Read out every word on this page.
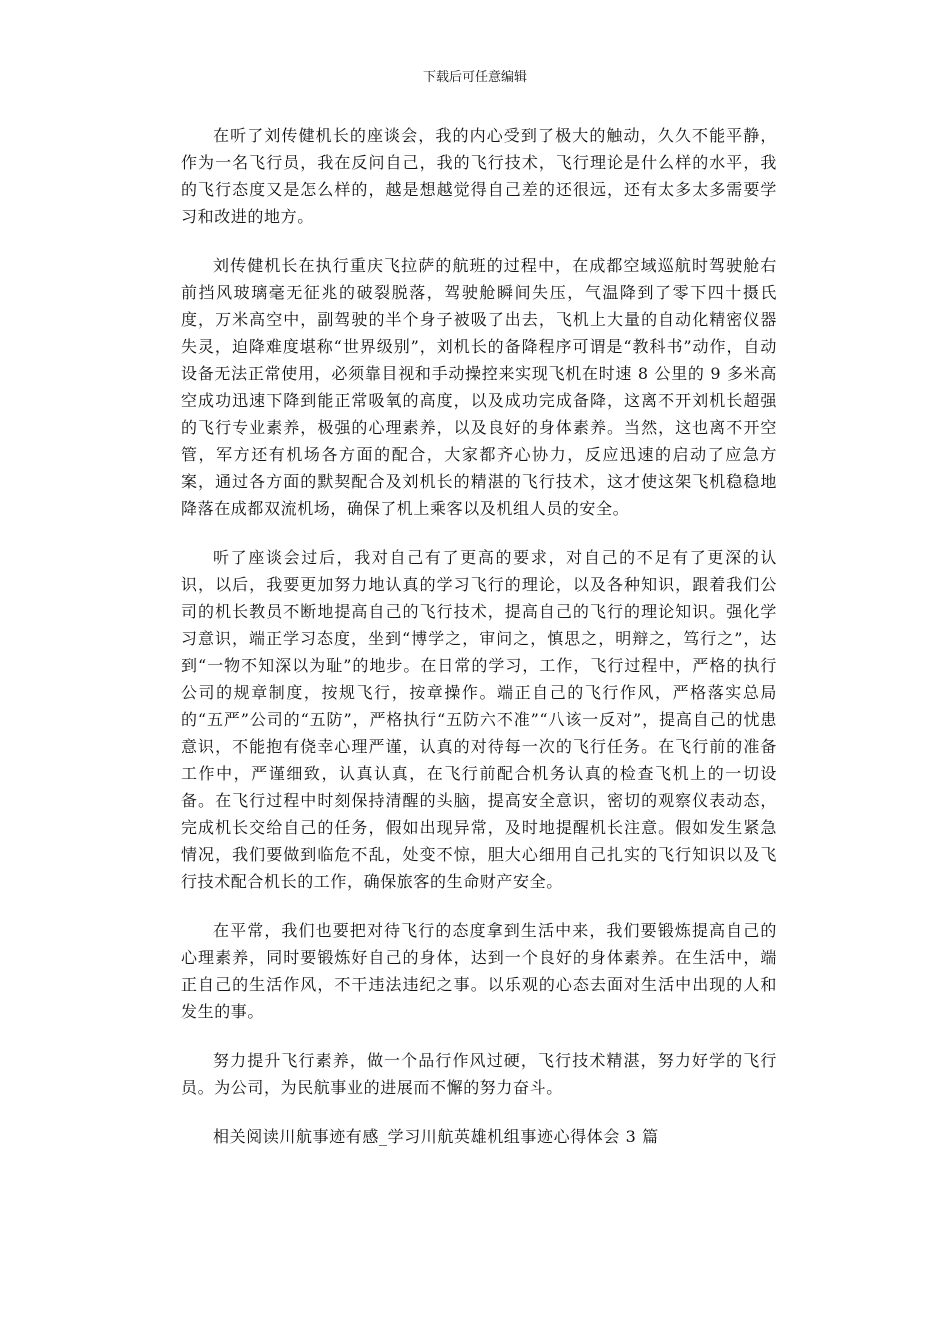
下载后可任意编辑

在听了刘传健机长的座谈会，我的内心受到了极大的触动，久久不能平静，作为一名飞行员，我在反问自己，我的飞行技术，飞行理论是什么样的水平，我的飞行态度又是怎么样的，越是想越觉得自己差的还很远，还有太多太多需要学习和改进的地方。

刘传健机长在执行重庆飞拉萨的航班的过程中，在成都空域巡航时驾驶舱右前挡风玻璃毫无征兆的破裂脱落，驾驶舱瞬间失压，气温降到了零下四十摄氏度，万米高空中，副驾驶的半个身子被吸了出去，飞机上大量的自动化精密仪器失灵，迫降难度堪称“世界级别”，刘机长的备降程序可谓是“教科书”动作，自动设备无法正常使用，必须靠目视和手动操控来实现飞机在时速 8 公里的 9 多米高空成功迅速下降到能正常吸氧的高度，以及成功完成备降，这离不开刘机长超强的飞行专业素养，极强的心理素养，以及良好的身体素养。当然，这也离不开空管，军方还有机场各方面的配合，大家都齐心协力，反应迅速的启动了应急方案，通过各方面的默契配合及刘机长的精湛的飞行技术，这才使这架飞机稳稳地降落在成都双流机场，确保了机上乘客以及机组人员的安全。

听了座谈会过后，我对自己有了更高的要求，对自己的不足有了更深的认识，以后，我要更加努力地认真的学习飞行的理论，以及各种知识，跟着我们公司的机长教员不断地提高自己的飞行技术，提高自己的飞行的理论知识。强化学习意识，端正学习态度，坐到“博学之，审问之，慎思之，明辩之，笃行之”，达到“一物不知深以为耻”的地步。在日常的学习，工作，飞行过程中，严格的执行公司的规章制度，按规飞行，按章操作。端正自己的飞行作风，严格落实总局的“五严”公司的“五防”，严格执行“五防六不准”“八该一反对”，提高自己的忧患意识，不能抱有侥幸心理严谨，认真的对待每一次的飞行任务。在飞行前的准备工作中，严谨细致，认真认真，在飞行前配合机务认真的检查飞机上的一切设备。在飞行过程中时刻保持清醒的头脑，提高安全意识，密切的观察仪表动态，完成机长交给自己的任务，假如出现异常，及时地提醒机长注意。假如发生紧急情况，我们要做到临危不乱，处变不惊，胆大心细用自己扎实的飞行知识以及飞行技术配合机长的工作，确保旅客的生命财产安全。

在平常，我们也要把对待飞行的态度拿到生活中来，我们要锻炼提高自己的心理素养，同时要锻炼好自己的身体，达到一个良好的身体素养。在生活中，端正自己的生活作风，不干违法违纪之事。以乐观的心态去面对生活中出现的人和发生的事。

努力提升飞行素养，做一个品行作风过硬，飞行技术精湛，努力好学的飞行员。为公司，为民航事业的进展而不懈的努力奋斗。

相关阅读川航事迹有感_学习川航英雄机组事迹心得体会 3 篇
